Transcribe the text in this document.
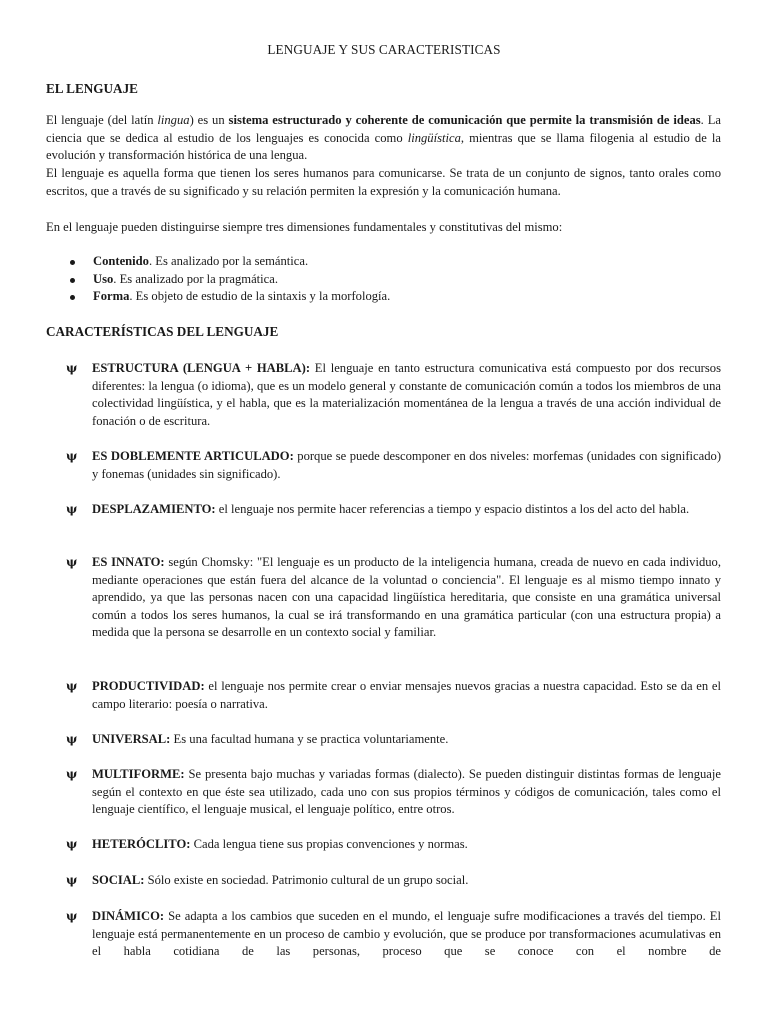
LENGUAJE Y SUS CARACTERISTICAS
EL LENGUAJE

El lenguaje (del latín lingua) es un sistema estructurado y coherente de comunicación que permite la transmisión de ideas. La ciencia que se dedica al estudio de los lenguajes es conocida como lingüística, mientras que se llama filogenia al estudio de la evolución y transformación histórica de una lengua.

El lenguaje es aquella forma que tienen los seres humanos para comunicarse. Se trata de un conjunto de signos, tanto orales como escritos, que a través de su significado y su relación permiten la expresión y la comunicación humana.

En el lenguaje pueden distinguirse siempre tres dimensiones fundamentales y constitutivas del mismo:

Contenido. Es analizado por la semántica.
Uso. Es analizado por la pragmática.
Forma. Es objeto de estudio de la sintaxis y la morfología.
CARACTERÍSTICAS DEL LENGUAJE
ψ	ESTRUCTURA (LENGUA + HABLA): El lenguaje en tanto estructura comunicativa está compuesto por dos recursos diferentes: la lengua (o idioma), que es un modelo general y constante de comunicación común a todos los miembros de una colectividad lingüística, y el habla, que es la materialización momentánea de la lengua a través de una acción individual de fonación o de escritura.
ψ	ES DOBLEMENTE ARTICULADO: porque se puede descomponer en dos niveles: morfemas (unidades con significado) y fonemas (unidades sin significado).
ψ	DESPLAZAMIENTO: el lenguaje nos permite hacer referencias a tiempo y espacio distintos a los del acto del habla.
ψ	ES INNATO: según Chomsky: "El lenguaje es un producto de la inteligencia humana, creada de nuevo en cada individuo, mediante operaciones que están fuera del alcance de la voluntad o conciencia". El lenguaje es al mismo tiempo innato y aprendido, ya que las personas nacen con una capacidad lingüística hereditaria, que consiste en una gramática universal común a todos los seres humanos, la cual se irá transformando en una gramática particular (con una estructura propia) a medida que la persona se desarrolle en un contexto social y familiar.
ψ	PRODUCTIVIDAD: el lenguaje nos permite crear o enviar mensajes nuevos gracias a nuestra capacidad. Esto se da en el campo literario: poesía o narrativa.
ψ	UNIVERSAL: Es una facultad humana y se practica voluntariamente.
ψ	MULTIFORME: Se presenta bajo muchas y variadas formas (dialecto). Se pueden distinguir distintas formas de lenguaje según el contexto en que éste sea utilizado, cada uno con sus propios términos y códigos de comunicación, tales como el lenguaje científico, el lenguaje musical, el lenguaje político, entre otros.
ψ	HETERÓCLITO: Cada lengua tiene sus propias convenciones y normas.
ψ	SOCIAL: Sólo existe en sociedad. Patrimonio cultural de un grupo social.
ψ	DINÁMICO: Se adapta a los cambios que suceden en el mundo, el lenguaje sufre modificaciones a través del tiempo. El lenguaje está permanentemente en un proceso de cambio y evolución, que se produce por transformaciones acumulativas en el habla cotidiana de las personas, proceso que se conoce con el nombre de
